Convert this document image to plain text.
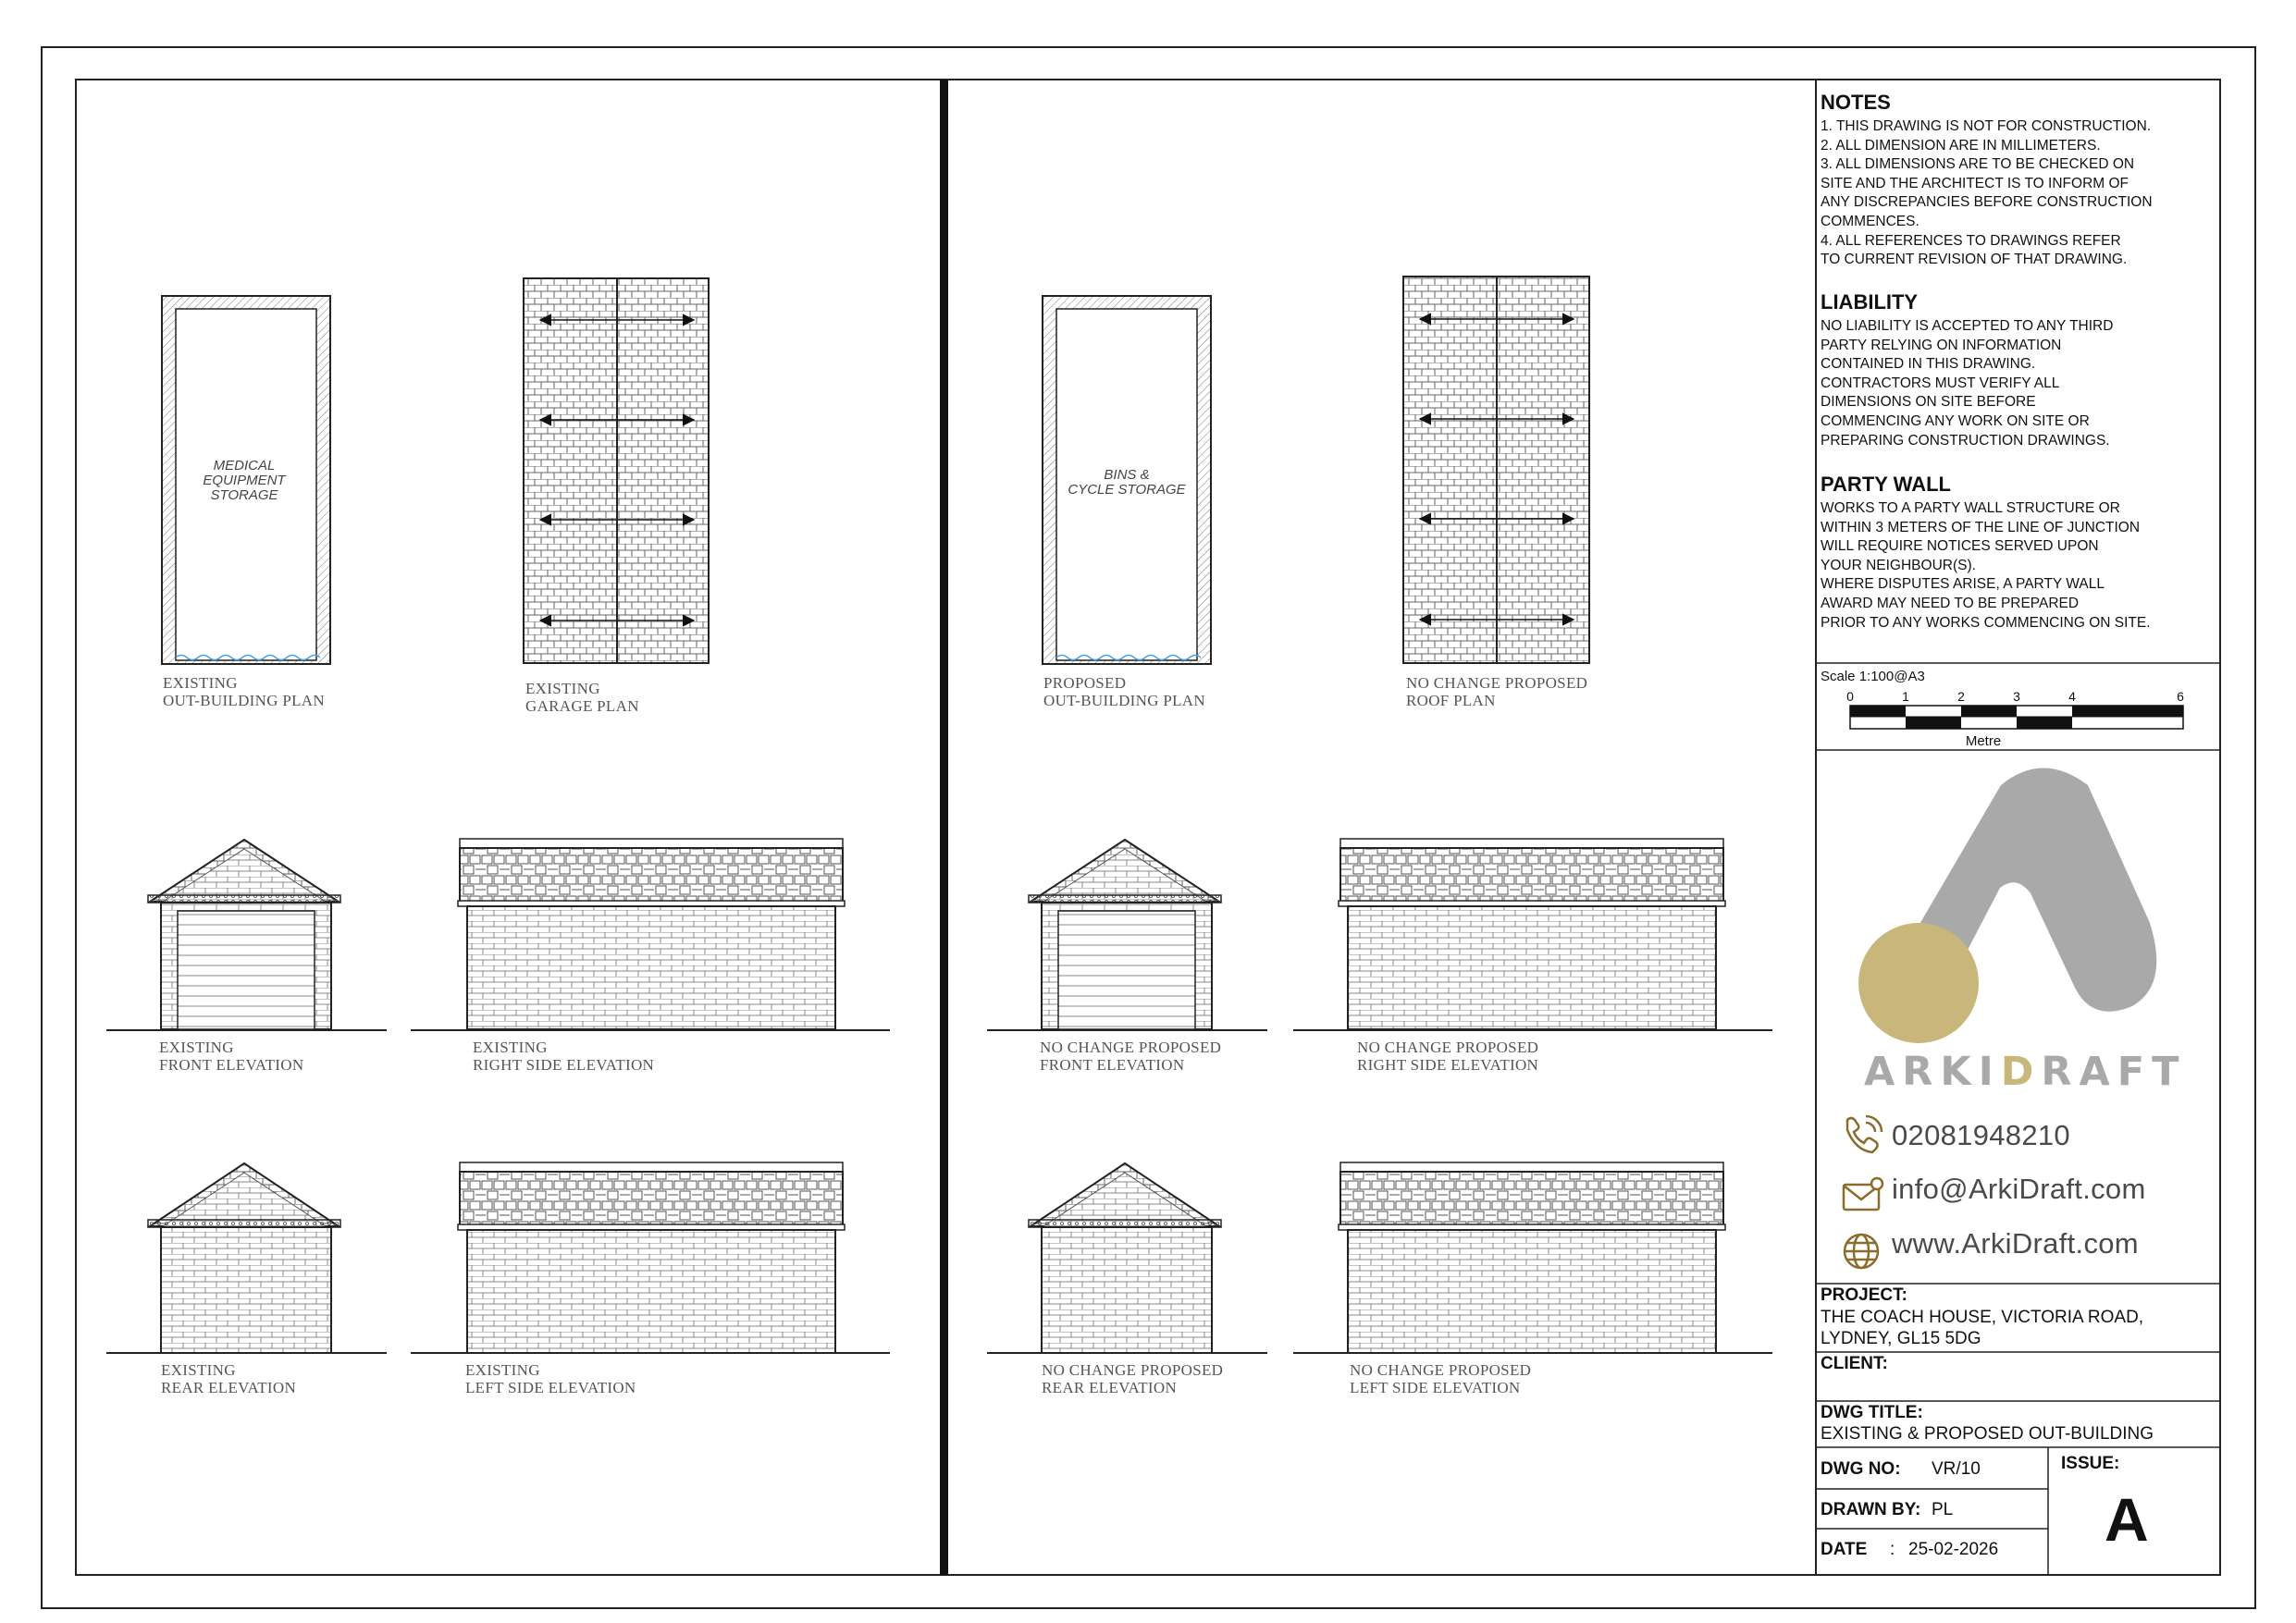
MEDICAL
EQUIPMENT
STORAGE
EXISTING
OUT-BUILDING PLAN
EXISTING
GARAGE PLAN
EXISTING
FRONT ELEVATION
EXISTING
RIGHT SIDE ELEVATION
EXISTING
REAR ELEVATION
EXISTING
LEFT SIDE ELEVATION
BINS &
CYCLE STORAGE
PROPOSED
OUT-BUILDING PLAN
NO CHANGE PROPOSED
ROOF PLAN
NO CHANGE PROPOSED
FRONT ELEVATION
NO CHANGE PROPOSED
RIGHT SIDE ELEVATION
NO CHANGE PROPOSED
REAR ELEVATION
NO CHANGE PROPOSED
LEFT SIDE ELEVATION
0	1	2	3	4	6
Metre
ARKIDRAFT
NOTES
1. THIS DRAWING IS NOT FOR CONSTRUCTION.
2. ALL DIMENSION ARE IN MILLIMETERS.
3. ALL DIMENSIONS ARE TO BE CHECKED ON
SITE AND THE ARCHITECT IS TO INFORM OF
ANY DISCREPANCIES BEFORE CONSTRUCTION
COMMENCES.
4. ALL REFERENCES TO DRAWINGS REFER
TO CURRENT REVISION OF THAT DRAWING.
LIABILITY
NO LIABILITY IS ACCEPTED TO ANY THIRD
PARTY RELYING ON INFORMATION
CONTAINED IN THIS DRAWING.
CONTRACTORS MUST VERIFY ALL
DIMENSIONS ON SITE BEFORE
COMMENCING ANY WORK ON SITE OR
PREPARING CONSTRUCTION DRAWINGS.
PARTY WALL
WORKS TO A PARTY WALL STRUCTURE OR
WITHIN 3 METERS OF THE LINE OF JUNCTION
WILL REQUIRE NOTICES SERVED UPON
YOUR NEIGHBOUR(S).
WHERE DISPUTES ARISE, A PARTY WALL
AWARD MAY NEED TO BE PREPARED
PRIOR TO ANY WORKS COMMENCING ON SITE.
Scale 1:100@A3
02081948210
info@ArkiDraft.com
www.ArkiDraft.com
PROJECT:
THE COACH HOUSE, VICTORIA ROAD,
LYDNEY, GL15 5DG
CLIENT:
DWG TITLE:
EXISTING & PROPOSED OUT-BUILDING
DWG NO: VR/10
DRAWN BY: PL
DATE : 25-02-2026
ISSUE:
A
